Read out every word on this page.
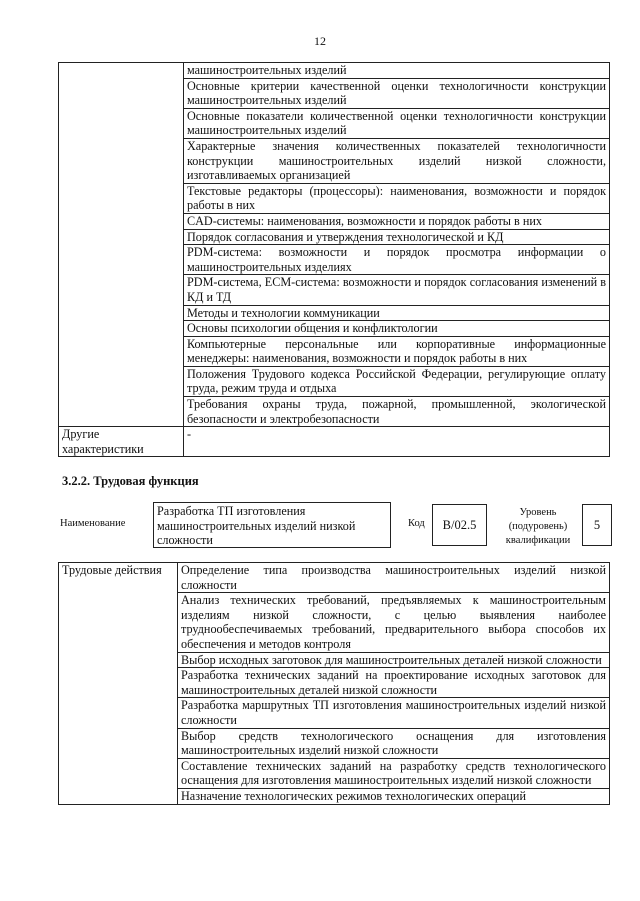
12
	машиностроительных изделий
	Основные критерии качественной оценки технологичности конструкции машиностроительных изделий
	Основные показатели количественной оценки технологичности конструкции машиностроительных изделий
	Характерные значения количественных показателей технологичности конструкции машиностроительных изделий низкой сложности, изготавливаемых организацией
	Текстовые редакторы (процессоры): наименования, возможности и порядок работы в них
	CAD-системы: наименования, возможности и порядок работы в них
	Порядок согласования и утверждения технологической и КД
	PDM-система: возможности и порядок просмотра информации о машиностроительных изделиях
	PDM-система, ECM-система: возможности и порядок согласования изменений в КД и ТД
	Методы и технологии коммуникации
	Основы психологии общения и конфликтологии
	Компьютерные персональные или корпоративные информационные менеджеры: наименования, возможности и порядок работы в них
	Положения Трудового кодекса Российской Федерации, регулирующие оплату труда, режим труда и отдыха
	Требования охраны труда, пожарной, промышленной, экологической безопасности и электробезопасности
Другие характеристики	-
3.2.2. Трудовая функция
Наименование
Разработка ТП изготовления машиностроительных изделий низкой сложности
Код	B/02.5
Уровень (подуровень) квалификации
5
Трудовые действия	Определение типа производства машиностроительных изделий низкой сложности
Анализ технических требований, предъявляемых к машиностроительным изделиям низкой сложности, с целью выявления наиболее труднообеспечиваемых требований, предварительного выбора способов их обеспечения и методов контроля
Выбор исходных заготовок для машиностроительных деталей низкой сложности
Разработка технических заданий на проектирование исходных заготовок для машиностроительных деталей низкой сложности
Разработка маршрутных ТП изготовления машиностроительных изделий низкой сложности
Выбор средств технологического оснащения для изготовления машиностроительных изделий низкой сложности
Составление технических заданий на разработку средств технологического оснащения для изготовления машиностроительных изделий низкой сложности
Назначение технологических режимов технологических операций
